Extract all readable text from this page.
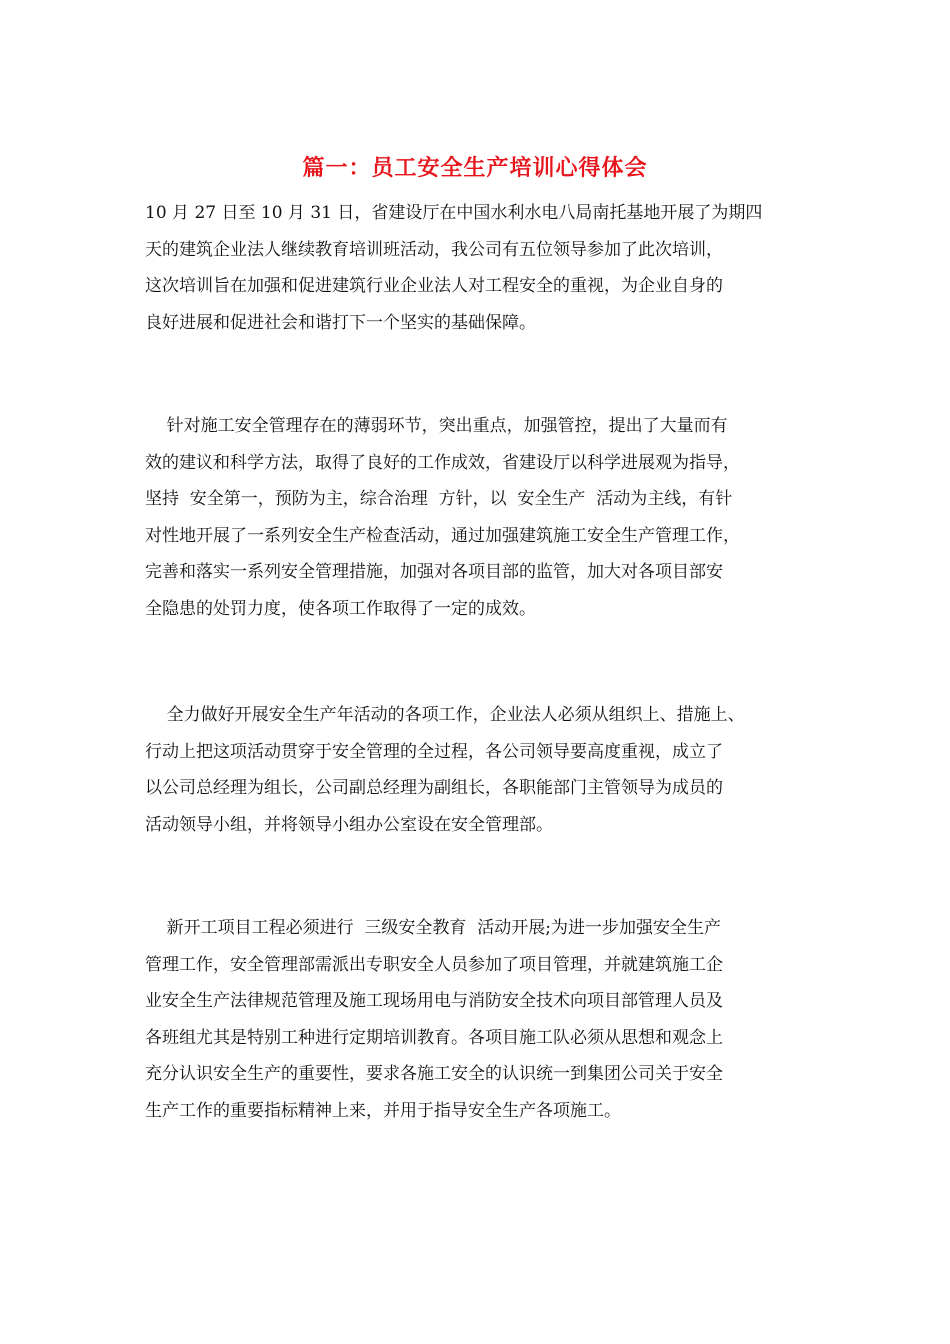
篇一：员工安全生产培训心得体会
10 月 27 日至 10 月 31 日，省建设厅在中国水利水电八局南托基地开展了为期四
天的建筑企业法人继续教育培训班活动，我公司有五位领导参加了此次培训，
这次培训旨在加强和促进建筑行业企业法人对工程安全的重视，为企业自身的
良好进展和促进社会和谐打下一个坚实的基础保障。
针对施工安全管理存在的薄弱环节，突出重点，加强管控，提出了大量而有
效的建议和科学方法，取得了良好的工作成效，省建设厅以科学进展观为指导，
坚持  安全第一，预防为主，综合治理  方针，以  安全生产  活动为主线，有针
对性地开展了一系列安全生产检查活动，通过加强建筑施工安全生产管理工作，
完善和落实一系列安全管理措施，加强对各项目部的监管，加大对各项目部安
全隐患的处罚力度，使各项工作取得了一定的成效。
全力做好开展安全生产年活动的各项工作，企业法人必须从组织上、措施上、
行动上把这项活动贯穿于安全管理的全过程，各公司领导要高度重视，成立了
以公司总经理为组长，公司副总经理为副组长，各职能部门主管领导为成员的
活动领导小组，并将领导小组办公室设在安全管理部。
新开工项目工程必须进行  三级安全教育  活动开展;为进一步加强安全生产
管理工作，安全管理部需派出专职安全人员参加了项目管理，并就建筑施工企
业安全生产法律规范管理及施工现场用电与消防安全技术向项目部管理人员及
各班组尤其是特别工种进行定期培训教育。各项目施工队必须从思想和观念上
充分认识安全生产的重要性，要求各施工安全的认识统一到集团公司关于安全
生产工作的重要指标精神上来，并用于指导安全生产各项施工。
